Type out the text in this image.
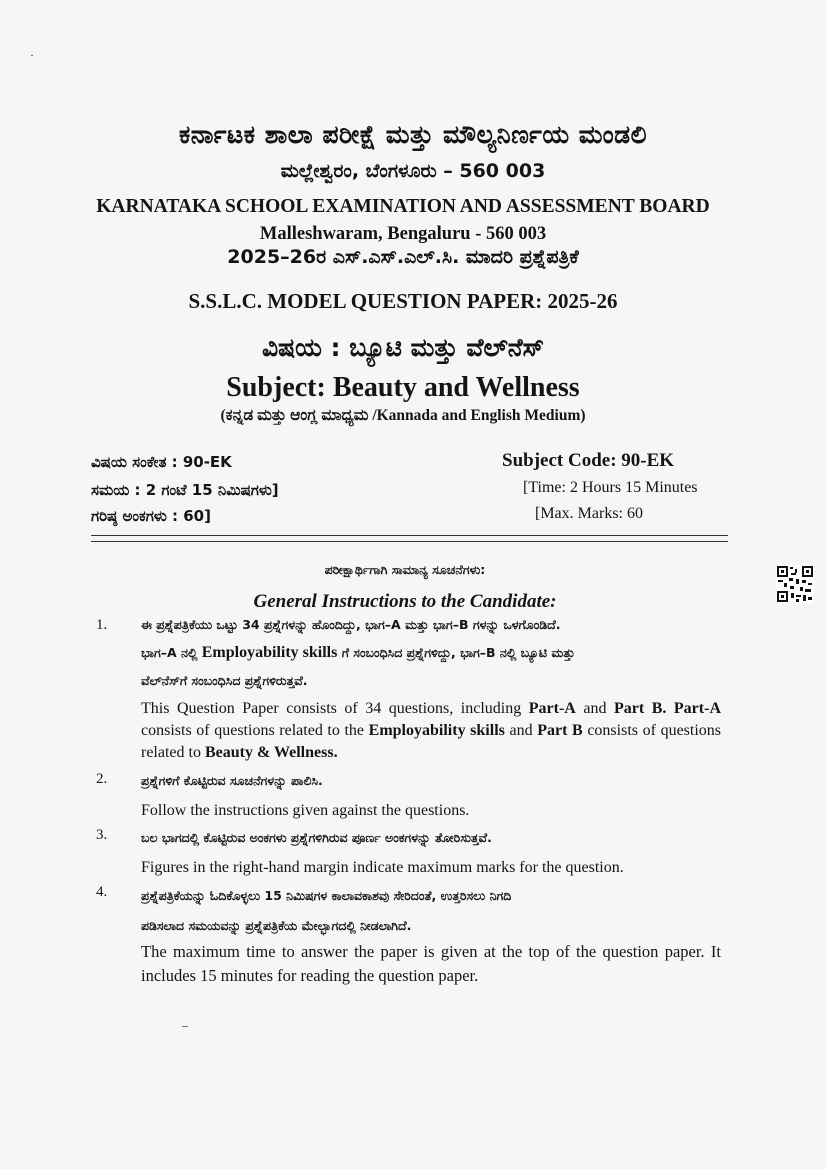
ಕರ್ನಾಟಕ ಶಾಲಾ ಪರೀಕ್ಷೆ ಮತ್ತು ಮೌಲ್ಯನಿರ್ಣಯ ಮಂಡಲಿ
ಮಲ್ಲೇಶ್ವರಂ, ಬೆಂಗಳೂರು – 560 003
KARNATAKA SCHOOL EXAMINATION AND ASSESSMENT BOARD
Malleshwaram, Bengaluru - 560 003
2025–26ರ ಎಸ್.ಎಸ್.ಎಲ್.ಸಿ. ಮಾದರಿ ಪ್ರಶ್ನೆಪತ್ರಿಕೆ
S.S.L.C. MODEL QUESTION PAPER: 2025-26
ವಿಷಯ : ಬ್ಯೂಟಿ ಮತ್ತು ವೆಲ್‌ನೆಸ್
Subject: Beauty and Wellness
(ಕನ್ನಡ ಮತ್ತು ಆಂಗ್ಲ ಮಾಧ್ಯಮ /Kannada and English Medium)
ವಿಷಯ ಸಂಕೇತ : 90-EK	Subject Code: 90-EK
ಸಮಯ : 2 ಗಂಟೆ 15 ನಿಮಿಷಗಳು]	[Time: 2 Hours 15 Minutes
ಗರಿಷ್ಠ ಅಂಕಗಳು : 60]	[Max. Marks: 60
ಪರೀಕ್ಷಾರ್ಥಿಗಾಗಿ ಸಾಮಾನ್ಯ ಸೂಚನೆಗಳು:
General Instructions to the Candidate:
1.	ಈ ಪ್ರಶ್ನೆಪತ್ರಿಕೆಯು ಒಟ್ಟು 34 ಪ್ರಶ್ನೆಗಳನ್ನು ಹೊಂದಿದ್ದು, ಭಾಗ–A ಮತ್ತು ಭಾಗ–B ಗಳನ್ನು ಒಳಗೊಂಡಿದೆ.
ಭಾಗ–A ನಲ್ಲಿ Employability skills ಗೆ ಸಂಬಂಧಿಸಿದ ಪ್ರಶ್ನೆಗಳಿದ್ದು, ಭಾಗ–B ನಲ್ಲಿ ಬ್ಯೂಟಿ ಮತ್ತು
ವೆಲ್‌ನೆಸ್‌ಗೆ ಸಂಬಂಧಿಸಿದ ಪ್ರಶ್ನೆಗಳಿರುತ್ತವೆ.
This Question Paper consists of 34 questions, including Part-A and Part B. Part-A consists of questions related to the Employability skills and Part B consists of questions related to Beauty & Wellness.
2.	ಪ್ರಶ್ನೆಗಳಿಗೆ ಕೊಟ್ಟಿರುವ ಸೂಚನೆಗಳನ್ನು ಪಾಲಿಸಿ.
Follow the instructions given against the questions.
3.	ಬಲ ಭಾಗದಲ್ಲಿ ಕೊಟ್ಟಿರುವ ಅಂಕಗಳು ಪ್ರಶ್ನೆಗಳಿಗಿರುವ ಪೂರ್ಣ ಅಂಕಗಳನ್ನು ತೋರಿಸುತ್ತವೆ.
Figures in the right-hand margin indicate maximum marks for the question.
4.	ಪ್ರಶ್ನೆಪತ್ರಿಕೆಯನ್ನು ಓದಿಕೊಳ್ಳಲು 15 ನಿಮಿಷಗಳ ಕಾಲಾವಕಾಶವು ಸೇರಿದಂತೆ, ಉತ್ತರಿಸಲು ನಿಗದಿ
ಪಡಿಸಲಾದ ಸಮಯವನ್ನು ಪ್ರಶ್ನೆಪತ್ರಿಕೆಯ ಮೇಲ್ಭಾಗದಲ್ಲಿ ನೀಡಲಾಗಿದೆ.
The maximum time to answer the paper is given at the top of the question paper. It includes 15 minutes for reading the question paper.
·
–
